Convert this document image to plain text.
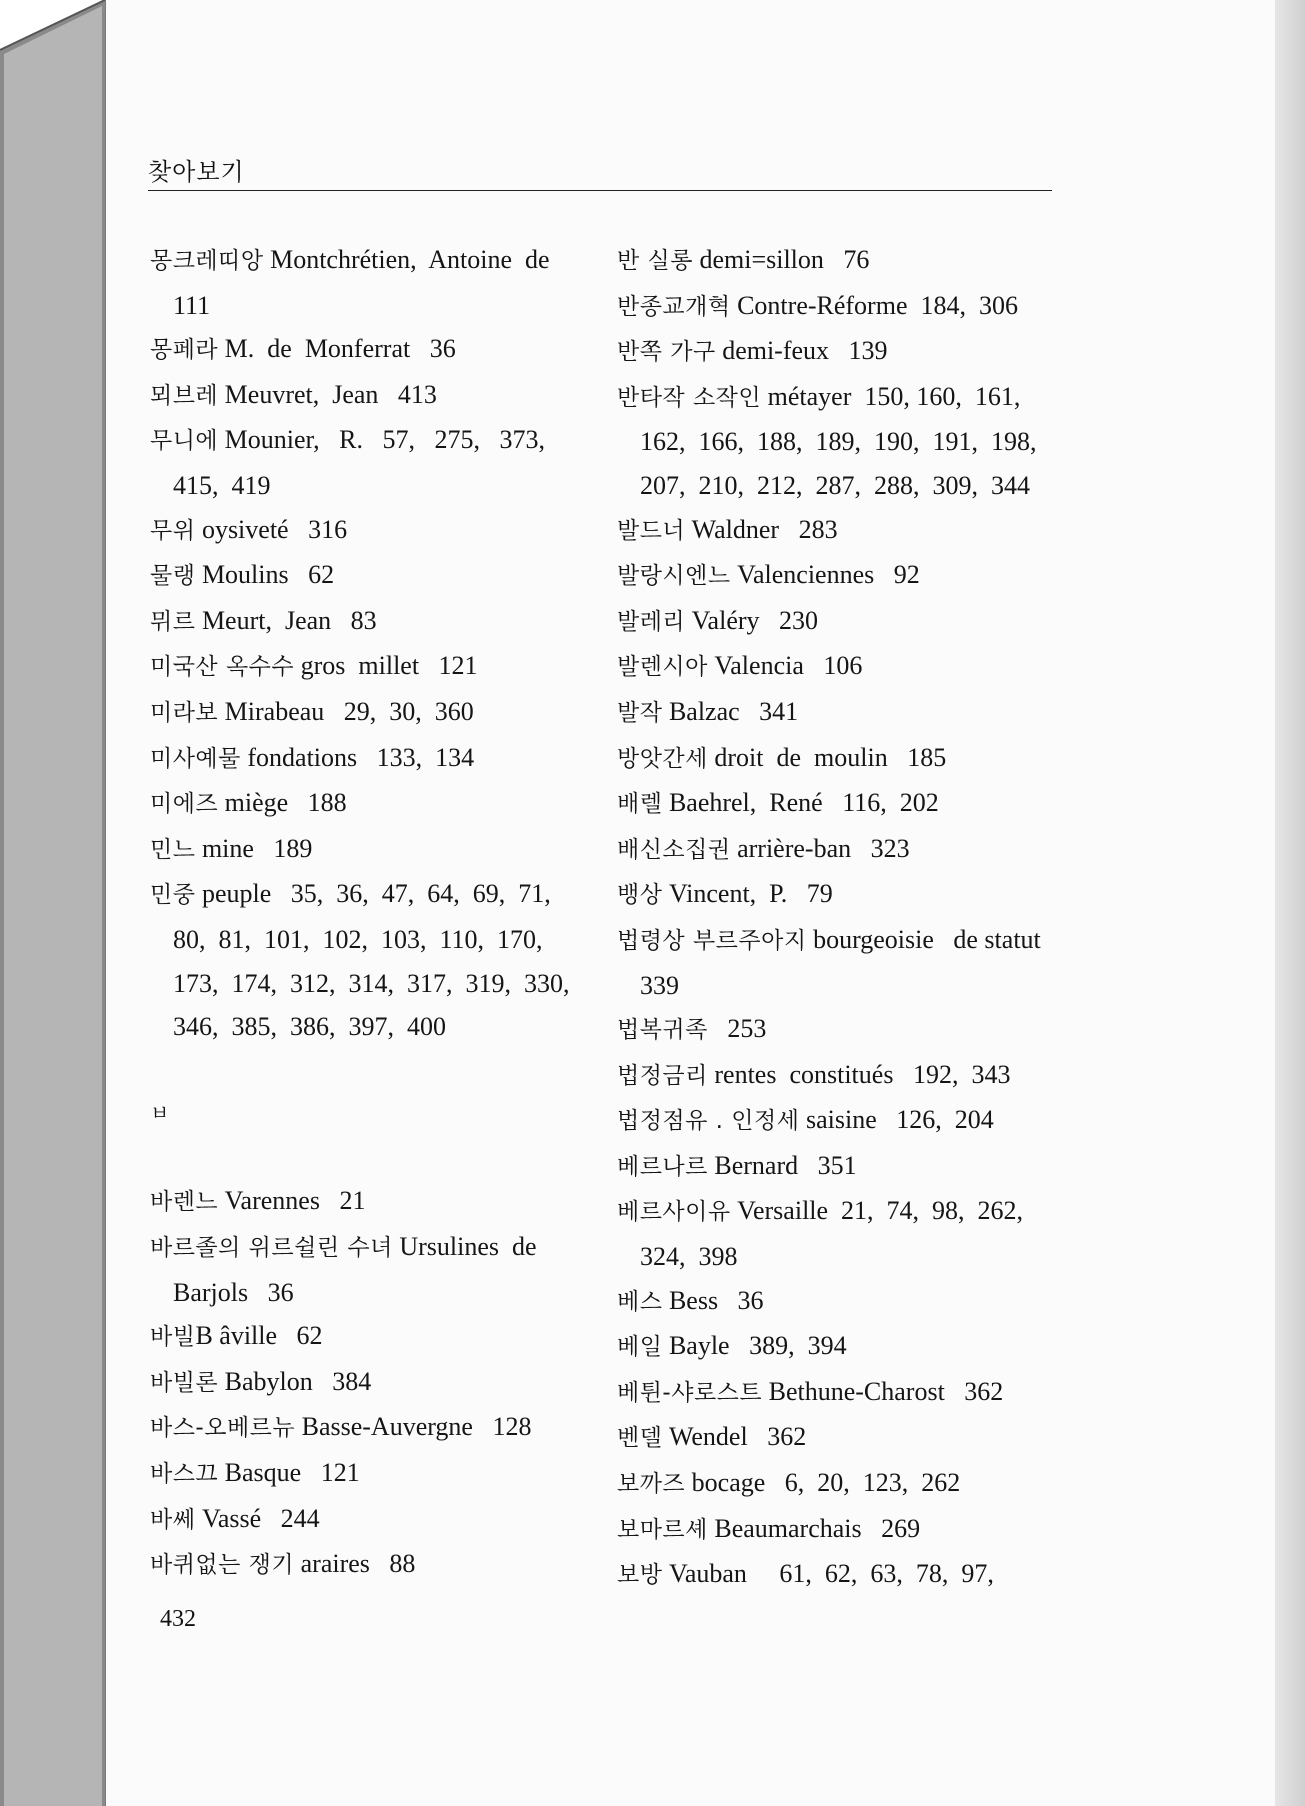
찾아보기

몽크레띠앙 Montchrétien,  Antoine  de 111

몽페라 M.  de  Monferrat   36

뫼브레 Meuvret,  Jean   413

무니에 Mounier,   R.   57,   275,   373, 415,  419

무위 oysiveté   316

물랭 Moulins   62

뮈르 Meurt,  Jean   83

미국산 옥수수 gros  millet   121

미라보 Mirabeau   29,  30,  360

미사예물 fondations   133,  134

미에즈 miège   188

민느 mine   189

민중 peuple   35,  36,  47,  64,  69,  71,  80,  81,  101,  102,  103,  110,  170,  173,  174,  312,  314,  317,  319,  330,  346,  385,  386,  397,  400

ㅂ

바렌느 Varennes   21

바르졸의 위르쉴린 수녀 Ursulines  de Barjols   36

바빌B âville   62

바빌론 Babylon   384

바스-오베르뉴 Basse-Auvergne   128

바스끄 Basque   121

바쎄 Vassé   244

바퀴없는 쟁기 araires   88

반 실롱 demi=sillon   76

반종교개혁 Contre-Réforme  184,  306

반쪽 가구 demi-feux   139

반타작 소작인 métayer  150, 160,  161,  162,  166,  188,  189,  190,  191,  198,  207,  210,  212,  287,  288,  309,  344

발드너 Waldner   283

발랑시엔느 Valenciennes   92

발레리 Valéry   230

발렌시아 Valencia   106

발작 Balzac   341

방앗간세 droit  de  moulin   185

배렐 Baehrel,  René   116,  202

배신소집권 arrière-ban   323

뱅상 Vincent,  P.   79

법령상 부르주아지 bourgeoisie   de statut   339

법복귀족   253

법정금리 rentes  constitués   192,  343

법정점유 . 인정세 saisine   126,  204

베르나르 Bernard   351

베르사이유 Versaille  21,  74,  98,  262,  324,  398

베스 Bess   36

베일 Bayle   389,  394

베튄-샤로스트 Bethune-Charost   362

벤델 Wendel   362

보까즈 bocage   6,  20,  123,  262

보마르셰 Beaumarchais   269

보방 Vauban     61,  62,  63,  78,  97,

432
